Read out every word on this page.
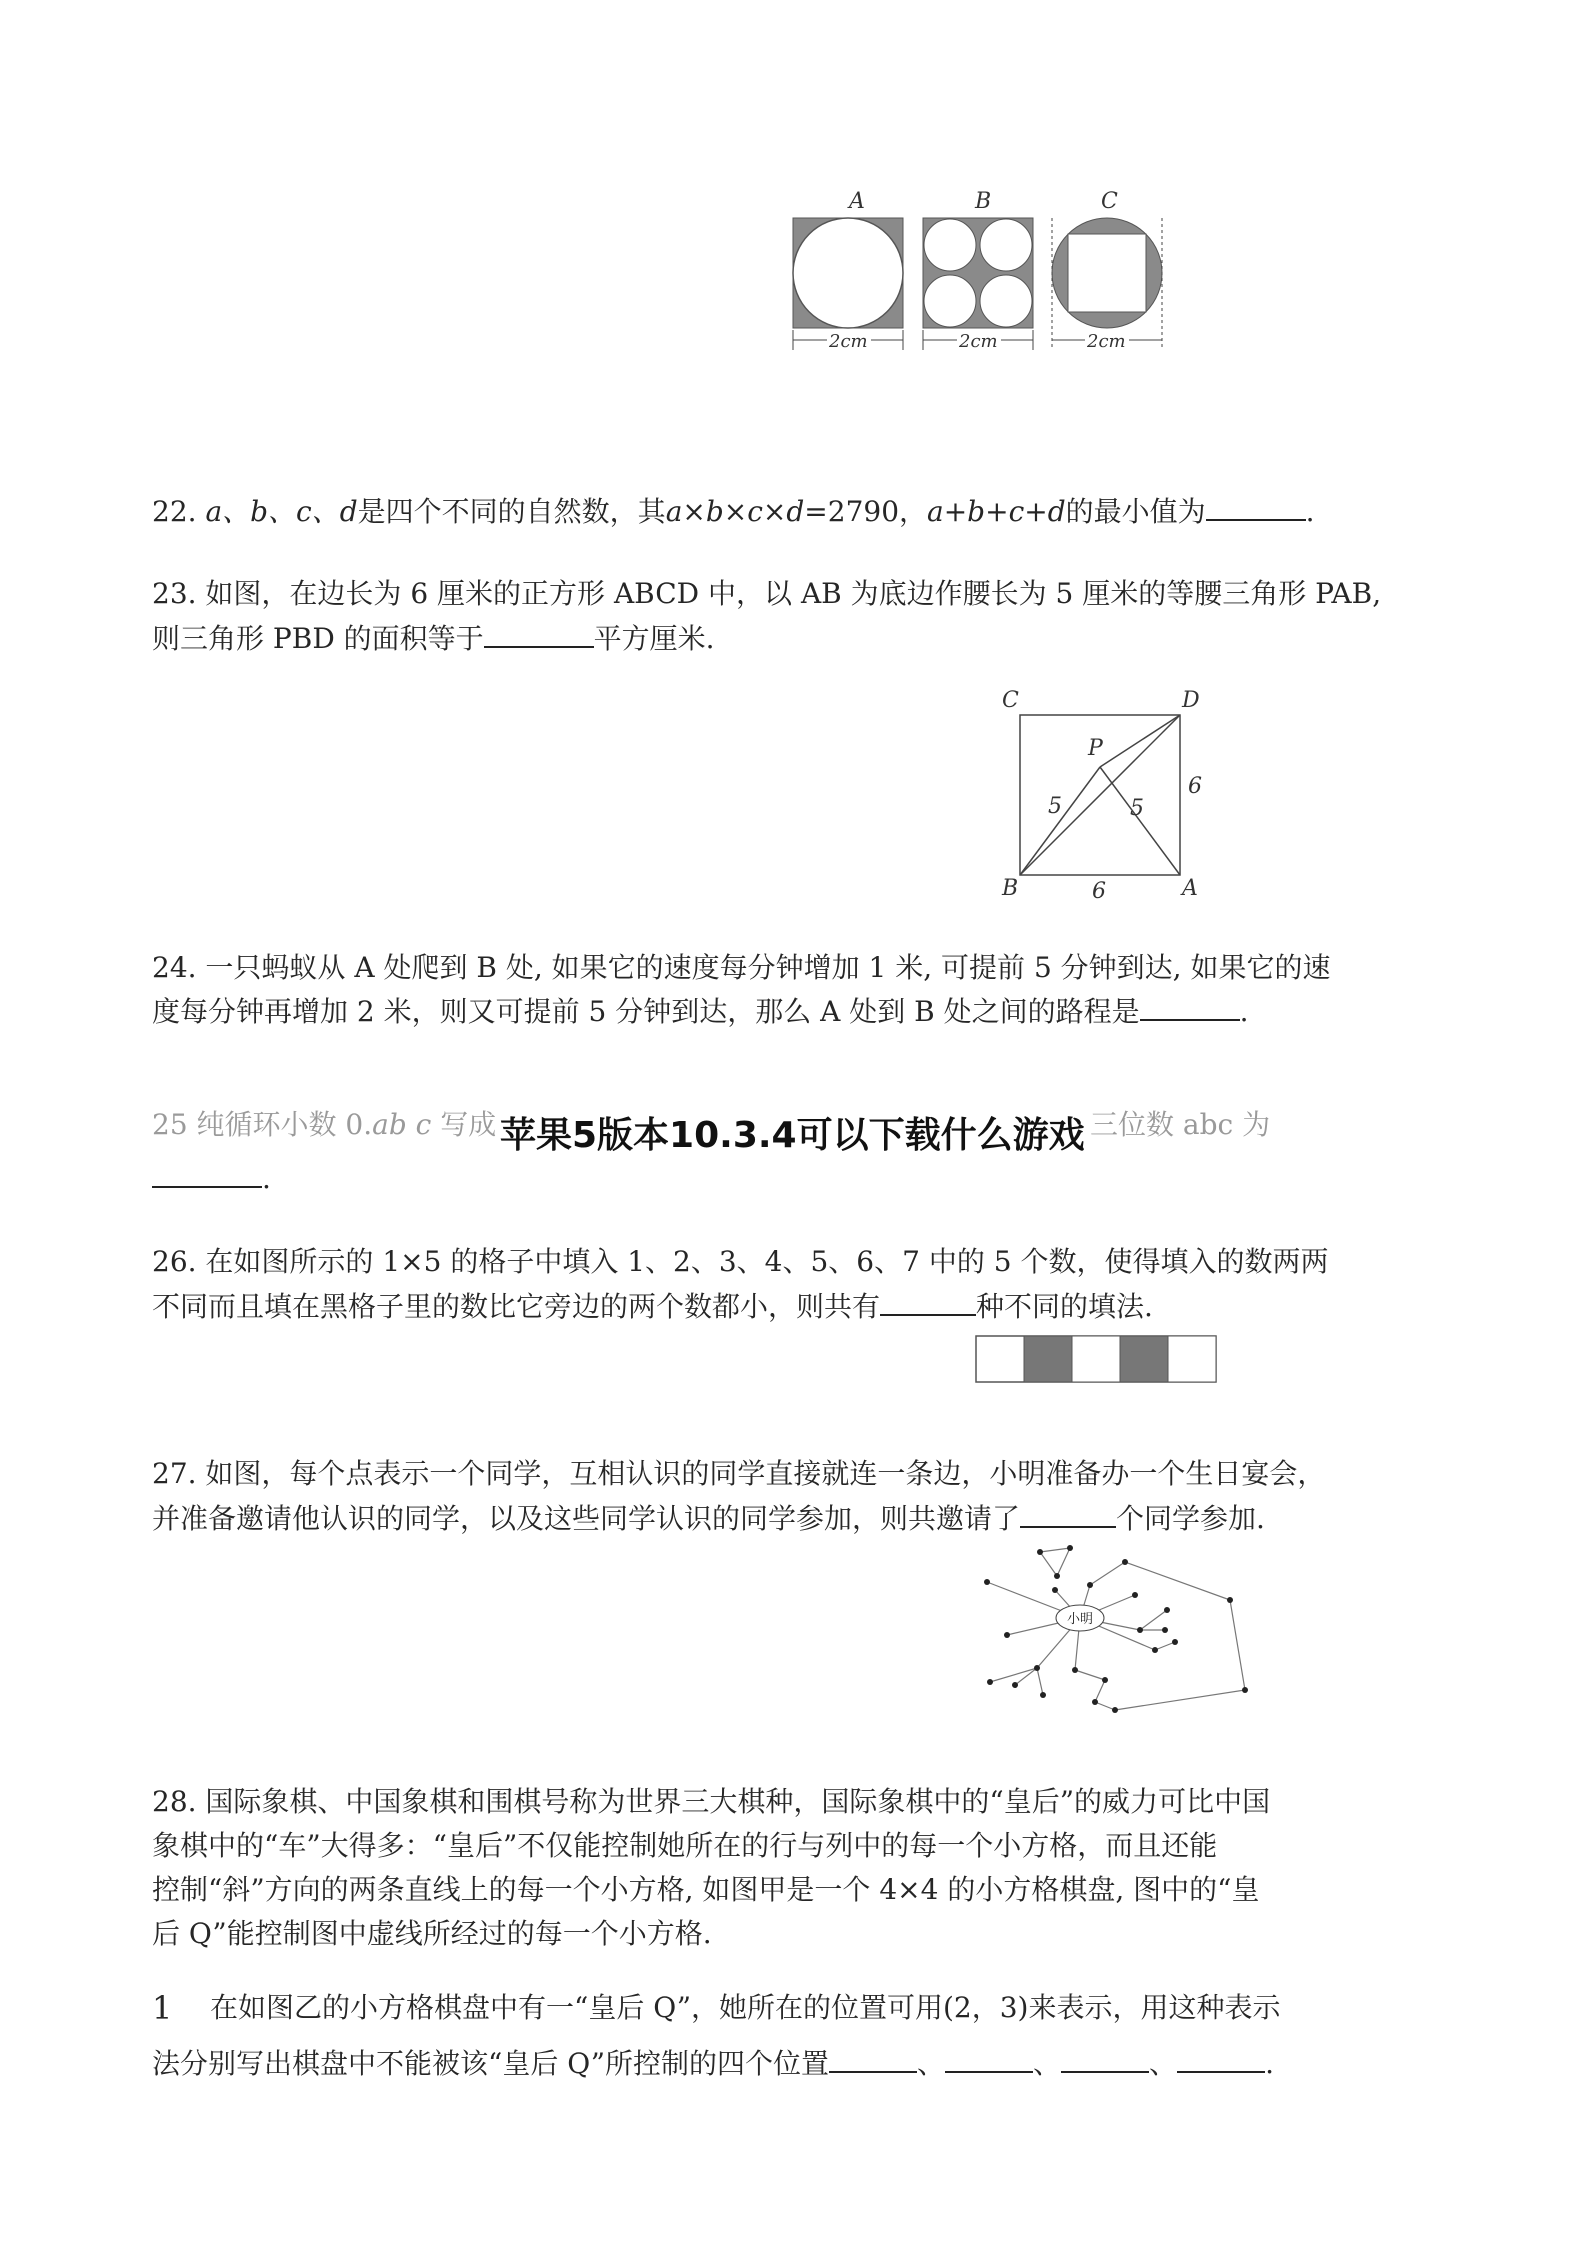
A	B	C
2cm	2cm	2cm
22. a、b、c、d是四个不同的自然数，其a×b×c×d=2790，a+b+c+d的最小值为	.
23. 如图，在边长为 6 厘米的正方形 ABCD 中，以 AB 为底边作腰长为 5 厘米的等腰三角形 PAB,
则三角形 PBD 的面积等于	平方厘米.
C	D
P
B	A
5	5
6
6
24. 一只蚂蚁从 A 处爬到 B 处, 如果它的速度每分钟增加 1 米, 可提前 5 分钟到达, 如果它的速
度每分钟再增加 2 米，则又可提前 5 分钟到达，那么 A 处到 B 处之间的路程是	.
25 纯循环小数 0.ab c 写成	三位数 abc 为
.
苹果5版本10.3.4可以下载什么游戏
26. 在如图所示的 1×5 的格子中填入 1、2、3、4、5、6、7 中的 5 个数，使得填入的数两两
不同而且填在黑格子里的数比它旁边的两个数都小，则共有	种不同的填法.
27. 如图，每个点表示一个同学，互相认识的同学直接就连一条边，小明准备办一个生日宴会，
并准备邀请他认识的同学，以及这些同学认识的同学参加，则共邀请了	个同学参加.
小明
28. 国际象棋、中国象棋和围棋号称为世界三大棋种，国际象棋中的“皇后”的威力可比中国
象棋中的“车”大得多：“皇后”不仅能控制她所在的行与列中的每一个小方格，而且还能
控制“斜”方向的两条直线上的每一个小方格, 如图甲是一个 4×4 的小方格棋盘, 图中的“皇
后 Q”能控制图中虚线所经过的每一个小方格.
1 在如图乙的小方格棋盘中有一“皇后 Q”，她所在的位置可用(2，3)来表示，用这种表示
法分别写出棋盘中不能被该“皇后 Q”所控制的四个位置	、	、	、	.
